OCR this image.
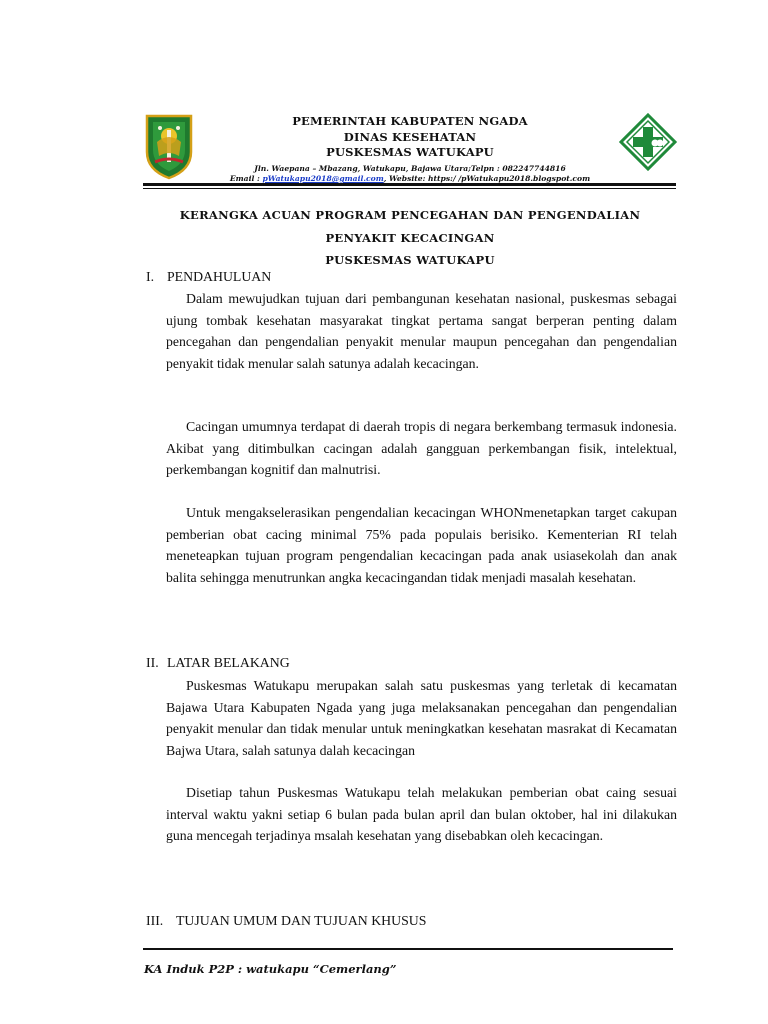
PEMERINTAH KABUPATEN NGADA
DINAS KESEHATAN
PUSKESMAS WATUKAPU
Jln. Waepana – Mbazang, Watukapu, Bajawa Utara;Telpn : 082247744816
Email : pWatukapu2018@gmail.com, Website: https:/ /pWatukapu2018.blogspot.com
KERANGKA ACUAN PROGRAM PENCEGAHAN DAN PENGENDALIAN
PENYAKIT KECACINGAN
PUSKESMAS WATUKAPU
I. PENDAHULUAN
Dalam mewujudkan tujuan dari pembangunan kesehatan nasional, puskesmas sebagai ujung tombak kesehatan masyarakat tingkat pertama sangat berperan penting dalam pencegahan dan pengendalian penyakit menular maupun pencegahan dan pengendalian penyakit tidak menular salah satunya adalah kecacingan.
Cacingan umumnya terdapat di daerah tropis di negara berkembang termasuk indonesia. Akibat yang ditimbulkan cacingan adalah gangguan perkembangan fisik, intelektual, perkembangan kognitif dan malnutrisi.
Untuk mengakselerasikan pengendalian kecacingan WHONmenetapkan target cakupan pemberian obat cacing minimal 75% pada populais berisiko. Kementerian RI telah meneteapkan tujuan program pengendalian kecacingan pada anak usiasekolah dan anak balita sehingga menutrunkan angka kecacingandan tidak menjadi masalah kesehatan.
II. LATAR BELAKANG
Puskesmas Watukapu merupakan salah satu puskesmas yang terletak di kecamatan Bajawa Utara Kabupaten Ngada yang juga melaksanakan pencegahan dan pengendalian penyakit menular dan tidak menular untuk meningkatkan kesehatan masrakat di Kecamatan Bajwa Utara, salah satunya dalah kecacingan
Disetiap tahun Puskesmas Watukapu telah melakukan pemberian obat caing sesuai interval waktu yakni setiap 6 bulan pada bulan april dan bulan oktober, hal ini dilakukan guna mencegah terjadinya msalah kesehatan yang disebabkan oleh kecacingan.
III. TUJUAN UMUM DAN TUJUAN KHUSUS
KA Induk P2P : watukapu “Cemerlang”
